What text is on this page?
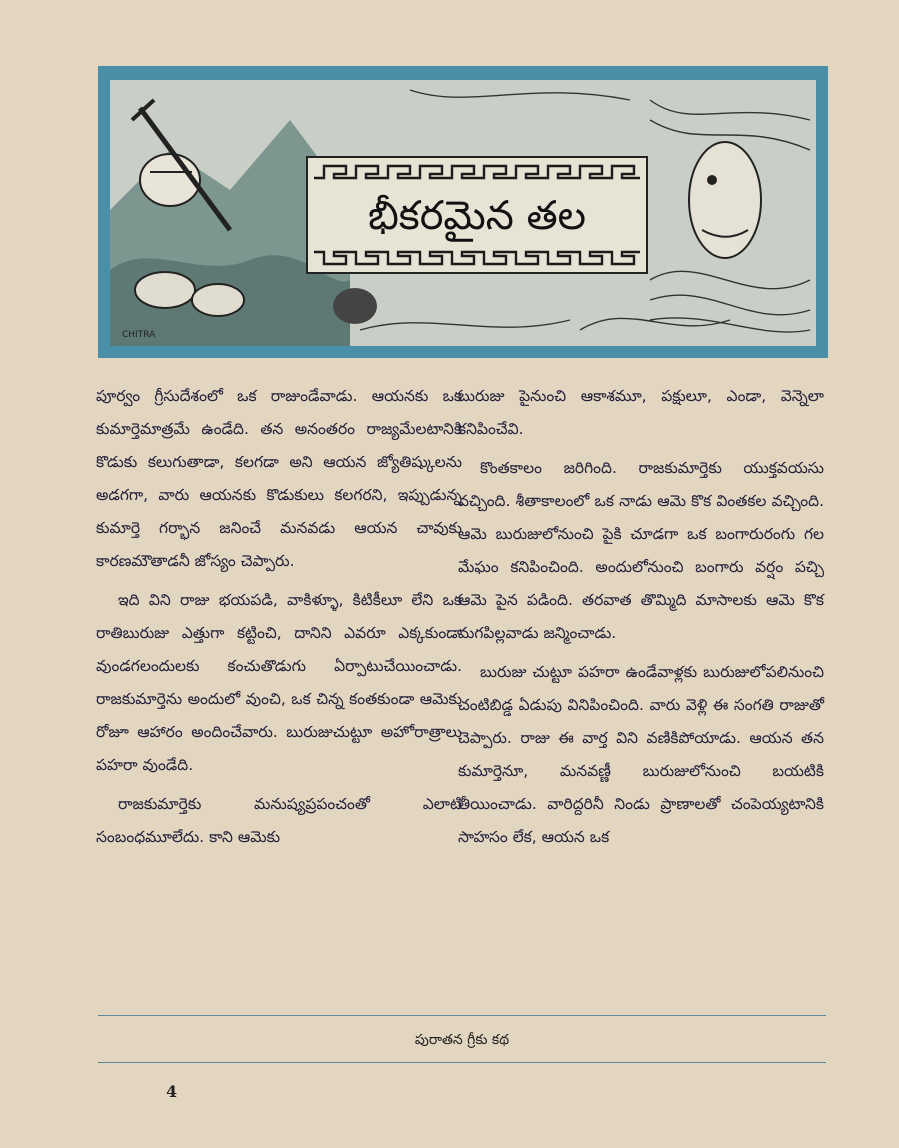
భీకరమైన తల
CHITRA

పూర్వం గ్రీసుదేశంలో ఒక రాజుండేవాడు. ఆయనకు ఒక కుమార్తెమాత్రమే ఉండేది. తన అనంతరం రాజ్యమేలటానికి కొడుకు కలుగుతాడా, కలగడా అని ఆయన జ్యోతిష్కులను అడగగా, వారు ఆయనకు కొడుకులు కలగరని, ఇప్పుడున్న కుమార్తె గర్భాన జనించే మనవడు ఆయన చావుకు కారణమౌతాడనీ జోస్యం చెప్పారు.

ఇది విని రాజు భయపడి, వాకిళ్ళూ, కిటికీలూ లేని ఒక రాతిబురుజు ఎత్తుగా కట్టించి, దానిని ఎవరూ ఎక్కకుండా వుండగలందులకు కంచుతొడుగు ఏర్పాటుచేయించాడు. రాజకుమార్తెను అందులో వుంచి, ఒక చిన్న కంతకుండా ఆమెకు రోజూ ఆహారం అందించేవారు. బురుజుచుట్టూ అహోరాత్రాలు పహరా వుండేది.

రాజకుమార్తెకు మనుష్యప్రపంచంతో ఎలాటి సంబంధమూలేదు. కాని ఆమెకు

బురుజు పైనుంచి ఆకాశమూ, పక్షులూ, ఎండా, వెన్నెలా కనిపించేవి.

కొంతకాలం జరిగింది. రాజకుమార్తెకు యుక్తవయసు వచ్చింది. శీతాకాలంలో ఒక నాడు ఆమె కొక వింతకల వచ్చింది. ఆమె బురుజులోనుంచి పైకి చూడగా ఒక బంగారురంగు గల మేఘం కనిపించింది. అందులోనుంచి బంగారు వర్షం పచ్చి ఆమె పైన పడింది. తరవాత తొమ్మిది మాసాలకు ఆమె కొక మగపిల్లవాడు జన్మించాడు.

బురుజు చుట్టూ పహరా ఉండేవాళ్లకు బురుజులోపలినుంచి చంటిబిడ్డ ఏడుపు వినిపించింది. వారు వెళ్లి ఈ సంగతి రాజుతో చెప్పారు. రాజు ఈ వార్త విని వణికిపోయాడు. ఆయన తన కుమార్తెనూ, మనవణ్ణీ బురుజులోనుంచి బయటికి తీయించాడు. వారిద్దరినీ నిండు ప్రాణాలతో చంపెయ్యటానికి సాహసం లేక, ఆయన ఒక

పురాతన గ్రీకు కథ
4
